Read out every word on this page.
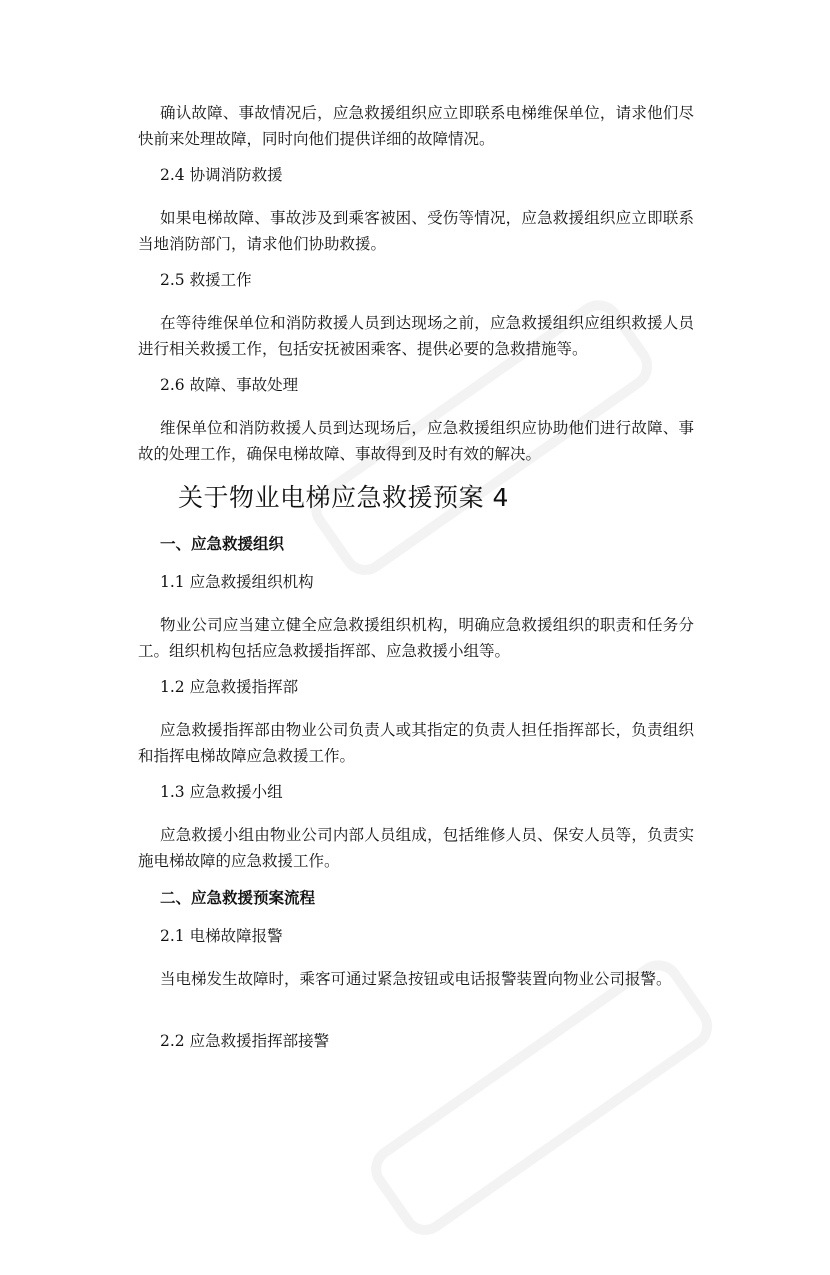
确认故障、事故情况后，应急救援组织应立即联系电梯维保单位，请求他们尽快前来处理故障，同时向他们提供详细的故障情况。

2.4 协调消防救援

如果电梯故障、事故涉及到乘客被困、受伤等情况，应急救援组织应立即联系当地消防部门，请求他们协助救援。

2.5 救援工作

在等待维保单位和消防救援人员到达现场之前，应急救援组织应组织救援人员进行相关救援工作，包括安抚被困乘客、提供必要的急救措施等。

2.6 故障、事故处理

维保单位和消防救援人员到达现场后，应急救援组织应协助他们进行故障、事故的处理工作，确保电梯故障、事故得到及时有效的解决。

关于物业电梯应急救援预案 4

一、应急救援组织

1.1 应急救援组织机构

物业公司应当建立健全应急救援组织机构，明确应急救援组织的职责和任务分工。组织机构包括应急救援指挥部、应急救援小组等。

1.2 应急救援指挥部

应急救援指挥部由物业公司负责人或其指定的负责人担任指挥部长，负责组织和指挥电梯故障应急救援工作。

1.3 应急救援小组

应急救援小组由物业公司内部人员组成，包括维修人员、保安人员等，负责实施电梯故障的应急救援工作。

二、应急救援预案流程

2.1 电梯故障报警

当电梯发生故障时，乘客可通过紧急按钮或电话报警装置向物业公司报警。

2.2 应急救援指挥部接警
